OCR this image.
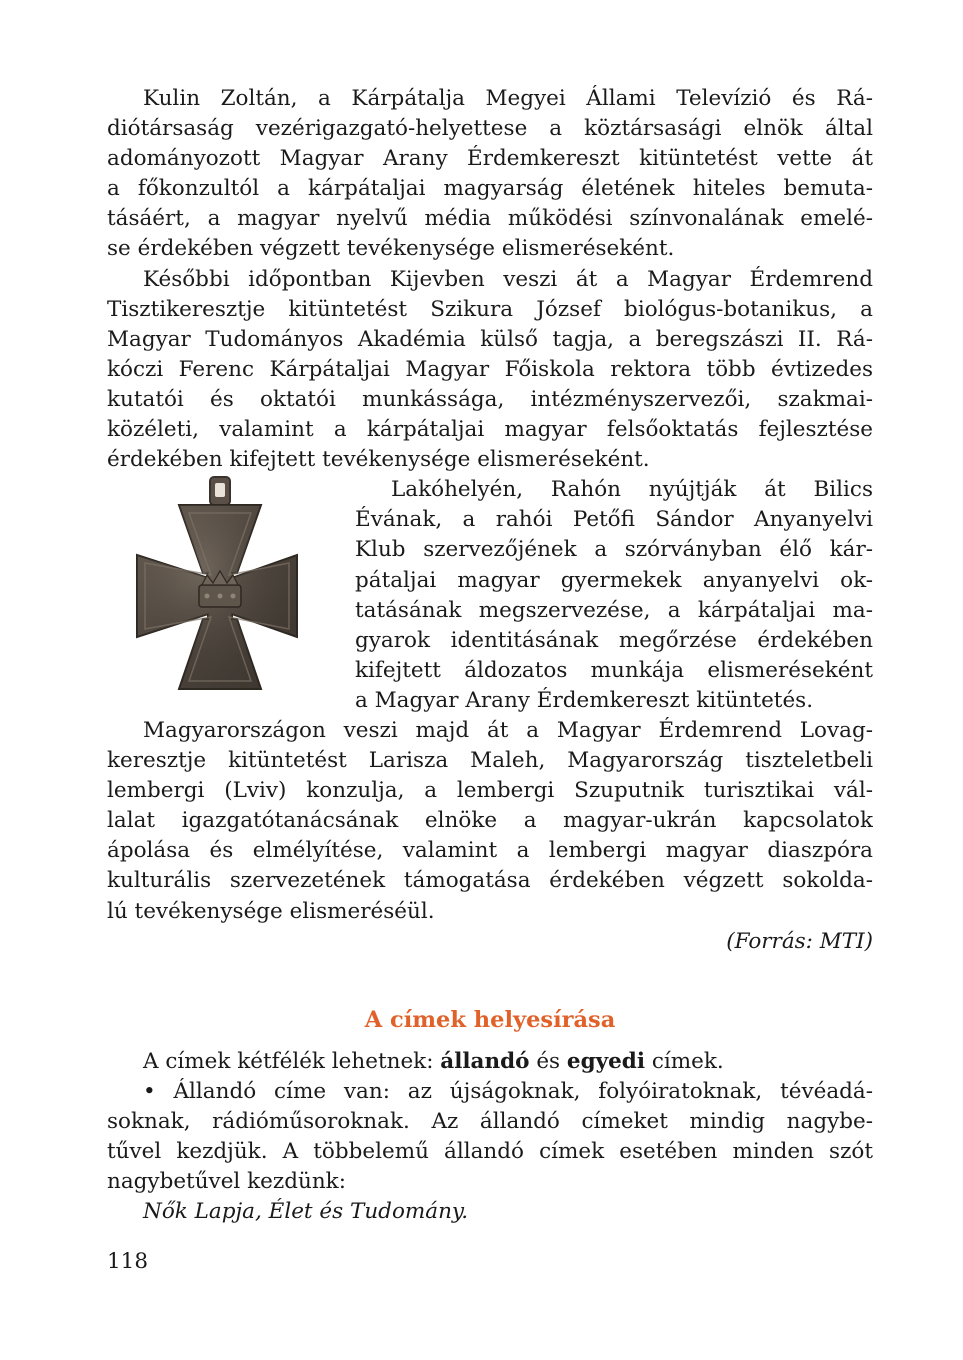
Kulin Zoltán, a Kárpátalja Megyei Állami Televízió és Rá-
diótársaság vezérigazgató-helyettese a köztársasági elnök által
adományozott Magyar Arany Érdemkereszt kitüntetést vette át
a főkonzultól a kárpátaljai magyarság életének hiteles bemuta-
tásáért, a magyar nyelvű média működési színvonalának emelé-
se érdekében végzett tevékenysége elismeréseként.
Későbbi időpontban Kijevben veszi át a Magyar Érdemrend
Tisztikeresztje kitüntetést Szikura József biológus-botanikus, a
Magyar Tudományos Akadémia külső tagja, a beregszászi II. Rá-
kóczi Ferenc Kárpátaljai Magyar Főiskola rektora több évtizedes
kutatói és oktatói munkássága, intézményszervezői, szakmai-
közéleti, valamint a kárpátaljai magyar felsőoktatás fejlesztése
érdekében kifejtett tevékenysége elismeréseként.
Lakóhelyén, Rahón nyújtják át Bilics
Évának, a rahói Petőfi Sándor Anyanyelvi
Klub szervezőjének a szórványban élő kár-
pátaljai magyar gyermekek anyanyelvi ok-
tatásának megszervezése, a kárpátaljai ma-
gyarok identitásának megőrzése érdekében
kifejtett áldozatos munkája elismeréseként
a Magyar Arany Érdemkereszt kitüntetés.
Magyarországon veszi majd át a Magyar Érdemrend Lovag-
keresztje kitüntetést Larisza Maleh, Magyarország tiszteletbeli
lembergi (Lviv) konzulja, a lembergi Szuputnik turisztikai vál-
lalat igazgatótanácsának elnöke a magyar-ukrán kapcsolatok
ápolása és elmélyítése, valamint a lembergi magyar diaszpóra
kulturális szervezetének támogatása érdekében végzett sokolda-
lú tevékenysége elismeréséül.
(Forrás: MTI)
A címek helyesírása
A címek kétfélék lehetnek: állandó és egyedi címek.
• Állandó címe van: az újságoknak, folyóiratoknak, tévéadá-
soknak, rádióműsoroknak. Az állandó címeket mindig nagybe-
tűvel kezdjük. A többelemű állandó címek esetében minden szót
nagybetűvel kezdünk:
Nők Lapja, Élet és Tudomány.
118
